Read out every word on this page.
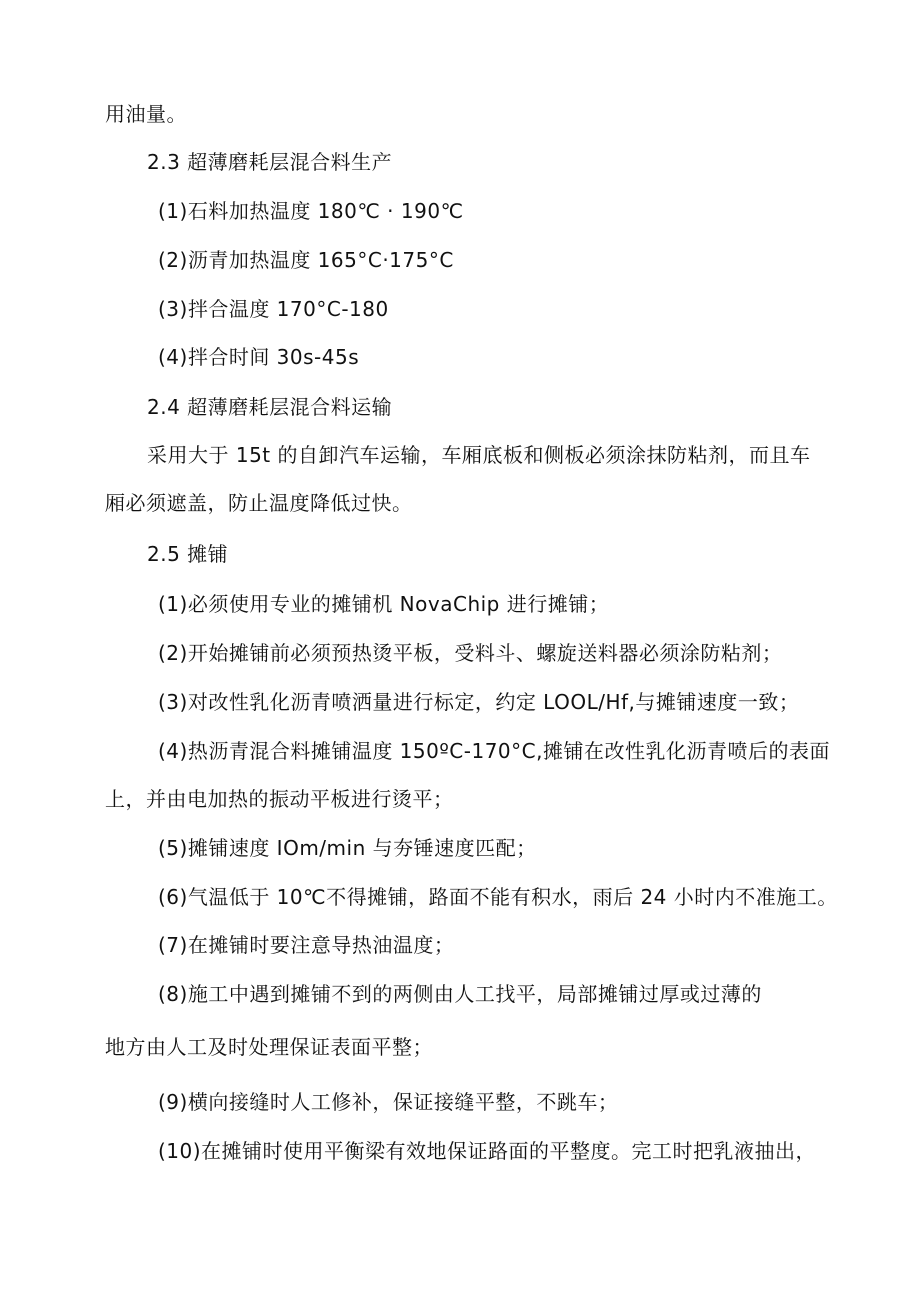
用油量。
2.3 超薄磨耗层混合料生产
(1)石料加热温度 180℃ · 190℃
(2)沥青加热温度 165°C·175°C
(3)拌合温度 170°C-180
(4)拌合时间 30s-45s
2.4 超薄磨耗层混合料运输
采用大于 15t 的自卸汽车运输，车厢底板和侧板必须涂抹防粘剂，而且车
厢必须遮盖，防止温度降低过快。
2.5 摊铺
(1)必须使用专业的摊铺机 NovaChip 进行摊铺；
(2)开始摊铺前必须预热烫平板，受料斗、螺旋送料器必须涂防粘剂；
(3)对改性乳化沥青喷洒量进行标定，约定 LOOL/Hf,与摊铺速度一致；
(4)热沥青混合料摊铺温度 150ºC-170°C,摊铺在改性乳化沥青喷后的表面
上，并由电加热的振动平板进行烫平；
(5)摊铺速度 IOm/min 与夯锤速度匹配；
(6)气温低于 10℃不得摊铺，路面不能有积水，雨后 24 小时内不准施工。
(7)在摊铺时要注意导热油温度；
(8)施工中遇到摊铺不到的两侧由人工找平，局部摊铺过厚或过薄的
地方由人工及时处理保证表面平整；
(9)横向接缝时人工修补，保证接缝平整，不跳车；
(10)在摊铺时使用平衡梁有效地保证路面的平整度。完工时把乳液抽出，
